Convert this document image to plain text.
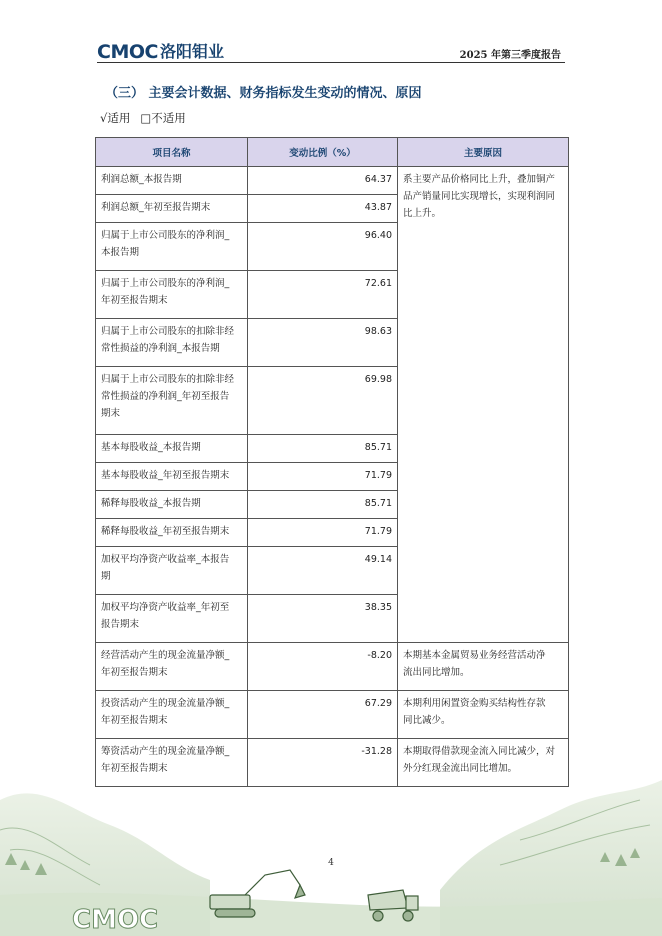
CMOC 洛阳钼业	2025 年第三季度报告
（三） 主要会计数据、财务指标发生变动的情况、原因
√ 适用 □ 不适用
项目名称	变动比例（%）	主要原因
利润总额_本报告期	64.37	系主要产品价格同比上升，叠加铜产
品产销量同比实现增长，实现利润同
比上升。
利润总额_年初至报告期末	43.87	
归属于上市公司股东的净利润_
本报告期	96.40	
归属于上市公司股东的净利润_
年初至报告期末	72.61	
归属于上市公司股东的扣除非经
常性损益的净利润_本报告期	98.63	
归属于上市公司股东的扣除非经
常性损益的净利润_年初至报告
期末	69.98	
基本每股收益_本报告期	85.71	
基本每股收益_年初至报告期末	71.79	
稀释每股收益_本报告期	85.71	
稀释每股收益_年初至报告期末	71.79	
加权平均净资产收益率_本报告
期	49.14	
加权平均净资产收益率_年初至
报告期末	38.35	
经营活动产生的现金流量净额_
年初至报告期末	-8.20	本期基本金属贸易业务经营活动净
流出同比增加。
投资活动产生的现金流量净额_
年初至报告期末	67.29	本期利用闲置资金购买结构性存款
同比减少。
筹资活动产生的现金流量净额_
年初至报告期末	-31.28	本期取得借款现金流入同比减少，对
外分红现金流出同比增加。
CMOC
4
